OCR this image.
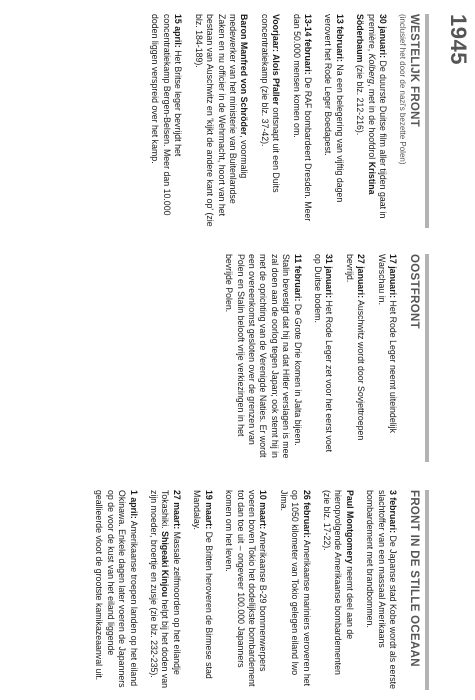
1945
WESTELIJK FRONT
(inclusief het door de nazi's bezette Polen)

30 januari: De duurste Duitse film aller tijden gaat in première, Kolberg, met in de hoofdrol Kristina Söderbaum (zie blz. 212-216).

13 februari: Na een belegering van vijftig dagen verovert het Rode Leger Boedapest.

13-14 februari: De RAF bombardeert Dresden. Meer dan 50.000 mensen komen om.

Voorjaar: Alois Pfaller ontsnapt uit een Duits concentratiekamp (zie blz. 37-42).

Baron Manfred von Schröder, voormalig medewerker van het ministerie van Buitenlandse Zaken en nu officier in de Wehrmacht, hoort van het bestaan van Auschwitz en 'kijkt de andere kant op' (zie blz. 184-189).

15 april: Het Britse leger bevrijdt het concentratiekamp Bergen-Belsen. Meer dan 10.000 doden liggen verspreid over het kamp.

OOSTFRONT

17 januari: Het Rode Leger neemt uiteindelijk Warschau in.

27 januari: Auschwitz wordt door Sovjettroepen bevrijd.

31 januari: Het Rode Leger zet voor het eerst voet op Duitse bodem.

11 februari: De Grote Drie komen in Jalta bijeen. Stalin bevestigt dat hij na dat Hitler verslagen is mee zal doen aan de oorlog tegen Japan; ook stemt hij in met de oprichting van de Verenigde Naties. Er wordt een overeenkomst gesloten over de grenzen van Polen en Stalin belooft vrije verkiezingen in het bevrijde Polen.

FRONT IN DE STILLE OCEAAN

3 februari: De Japanse stad Kobe wordt als eerste slachtoffer van een massaal Amerikaans bombardement met brandbommen.

Paul Montgomery neemt deel aan de hieropvolgende Amerikaanse bombardementen (zie blz. 17-22).

26 februari: Amerikaanse mariniers veroveren het op 1050 kilometer van Tokio gelegen eiland Iwo Jima.

10 maart: Amerikaanse B-29 bommenwerpers voeren boven Tokio het dodelijkste bombardement tot dan toe uit – ongeveer 100.000 Japanners komen om het leven.

19 maart: De Britten heroveren de Birmese stad Mandalay.

27 maart: Massale zelfmoorden op het eilandje Tokashiki. Shigeaki Kinjou helpt bij het doden van zijn moeder, broertje en zusje (zie blz. 232-235).

1 april: Amerikaanse troepen landen op het eiland Okinawa. Enkele dagen later voeren de Japanners op de voor de kust van het eiland liggende geallieerde vloot de grootste kamikazeaanval uit.
